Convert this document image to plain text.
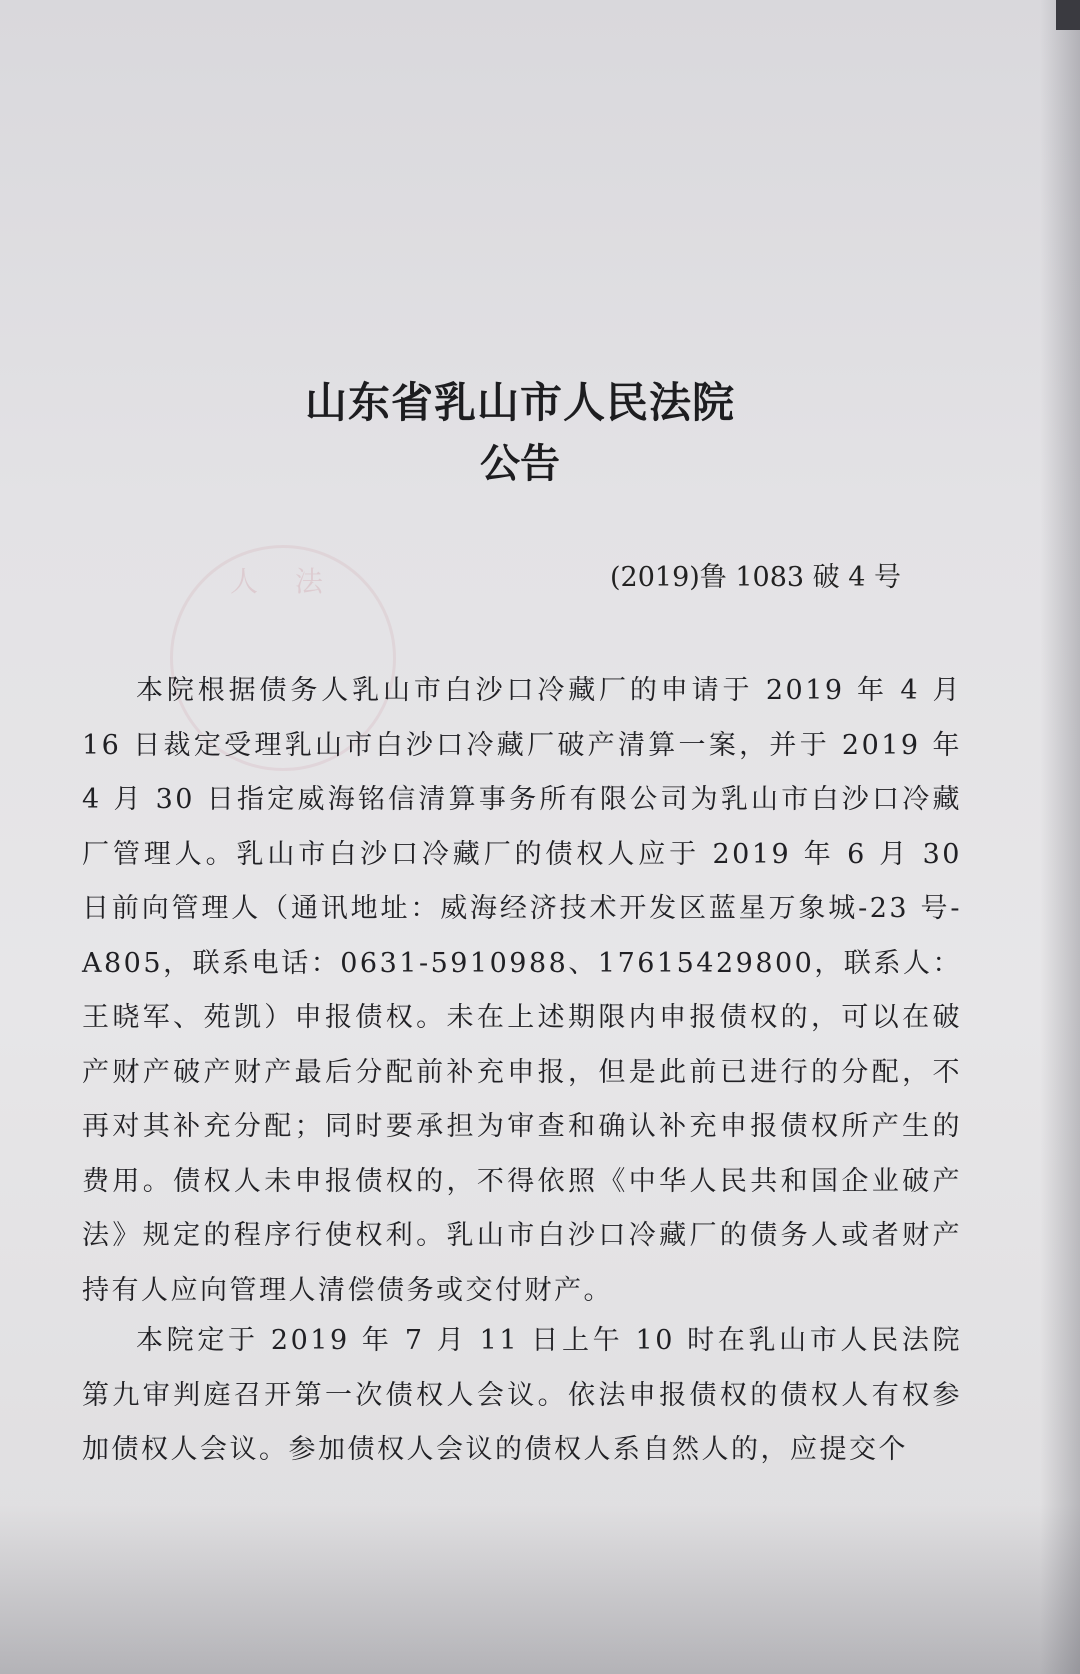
人 法
山东省乳山市人民法院
公告
(2019)鲁 1083 破 4 号
本院根据债务人乳山市白沙口冷藏厂的申请于 2019 年 4 月 16 日裁定受理乳山市白沙口冷藏厂破产清算一案，并于 2019 年 4 月 30 日指定威海铭信清算事务所有限公司为乳山市白沙口冷藏厂管理人。乳山市白沙口冷藏厂的债权人应于 2019 年 6 月 30 日前向管理人（通讯地址：威海经济技术开发区蓝星万象城-23 号-A805，联系电话：0631-5910988、17615429800，联系人：王晓军、苑凯）申报债权。未在上述期限内申报债权的，可以在破产财产破产财产最后分配前补充申报，但是此前已进行的分配，不再对其补充分配；同时要承担为审查和确认补充申报债权所产生的费用。债权人未申报债权的，不得依照《中华人民共和国企业破产法》规定的程序行使权利。乳山市白沙口冷藏厂的债务人或者财产持有人应向管理人清偿债务或交付财产。
本院定于 2019 年 7 月 11 日上午 10 时在乳山市人民法院第九审判庭召开第一次债权人会议。依法申报债权的债权人有权参加债权人会议。参加债权人会议的债权人系自然人的，应提交个
